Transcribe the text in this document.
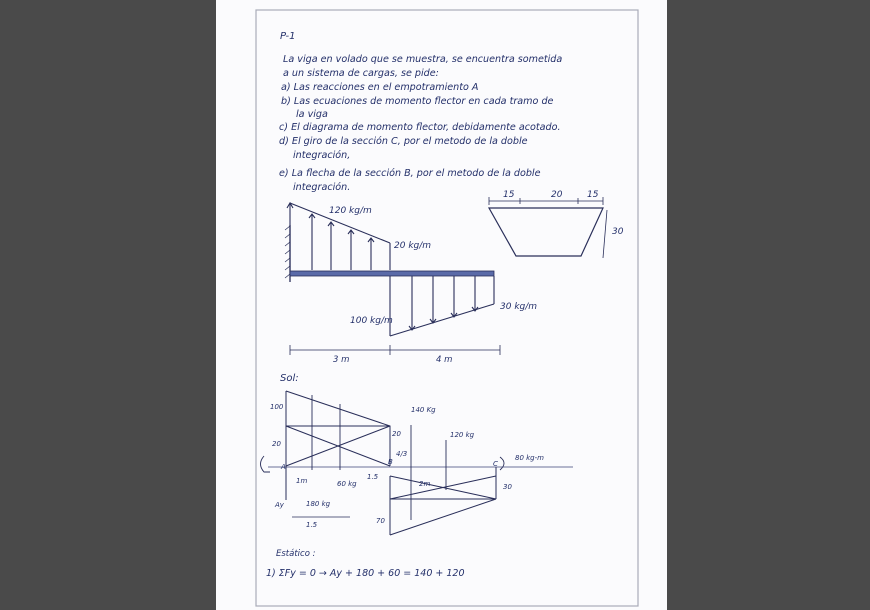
P-1
La viga en volado que se muestra, se encuentra sometida
a un sistema de cargas, se pide:
a) Las reacciones en el empotramiento A
b) Las ecuaciones de momento flector en cada tramo de
la viga
c) El diagrama de momento flector, debidamente acotado.
d) El giro de la sección C, por el metodo de la doble
integración,
e) La flecha de la sección B, por el metodo de la doble
integración.
15	20	15
30
120 kg/m
20 kg/m
100 kg/m
30 kg/m
3 m	4 m
Sol:
100
20
20
140 Kg
120 kg
80 kg-m
4/3
A
B	C
1m	60 kg
1.5
180 kg
Ay
1.5
2m	30
70
Estático :
1) ΣFy = 0 → Ay + 180 + 60 = 140 + 120
